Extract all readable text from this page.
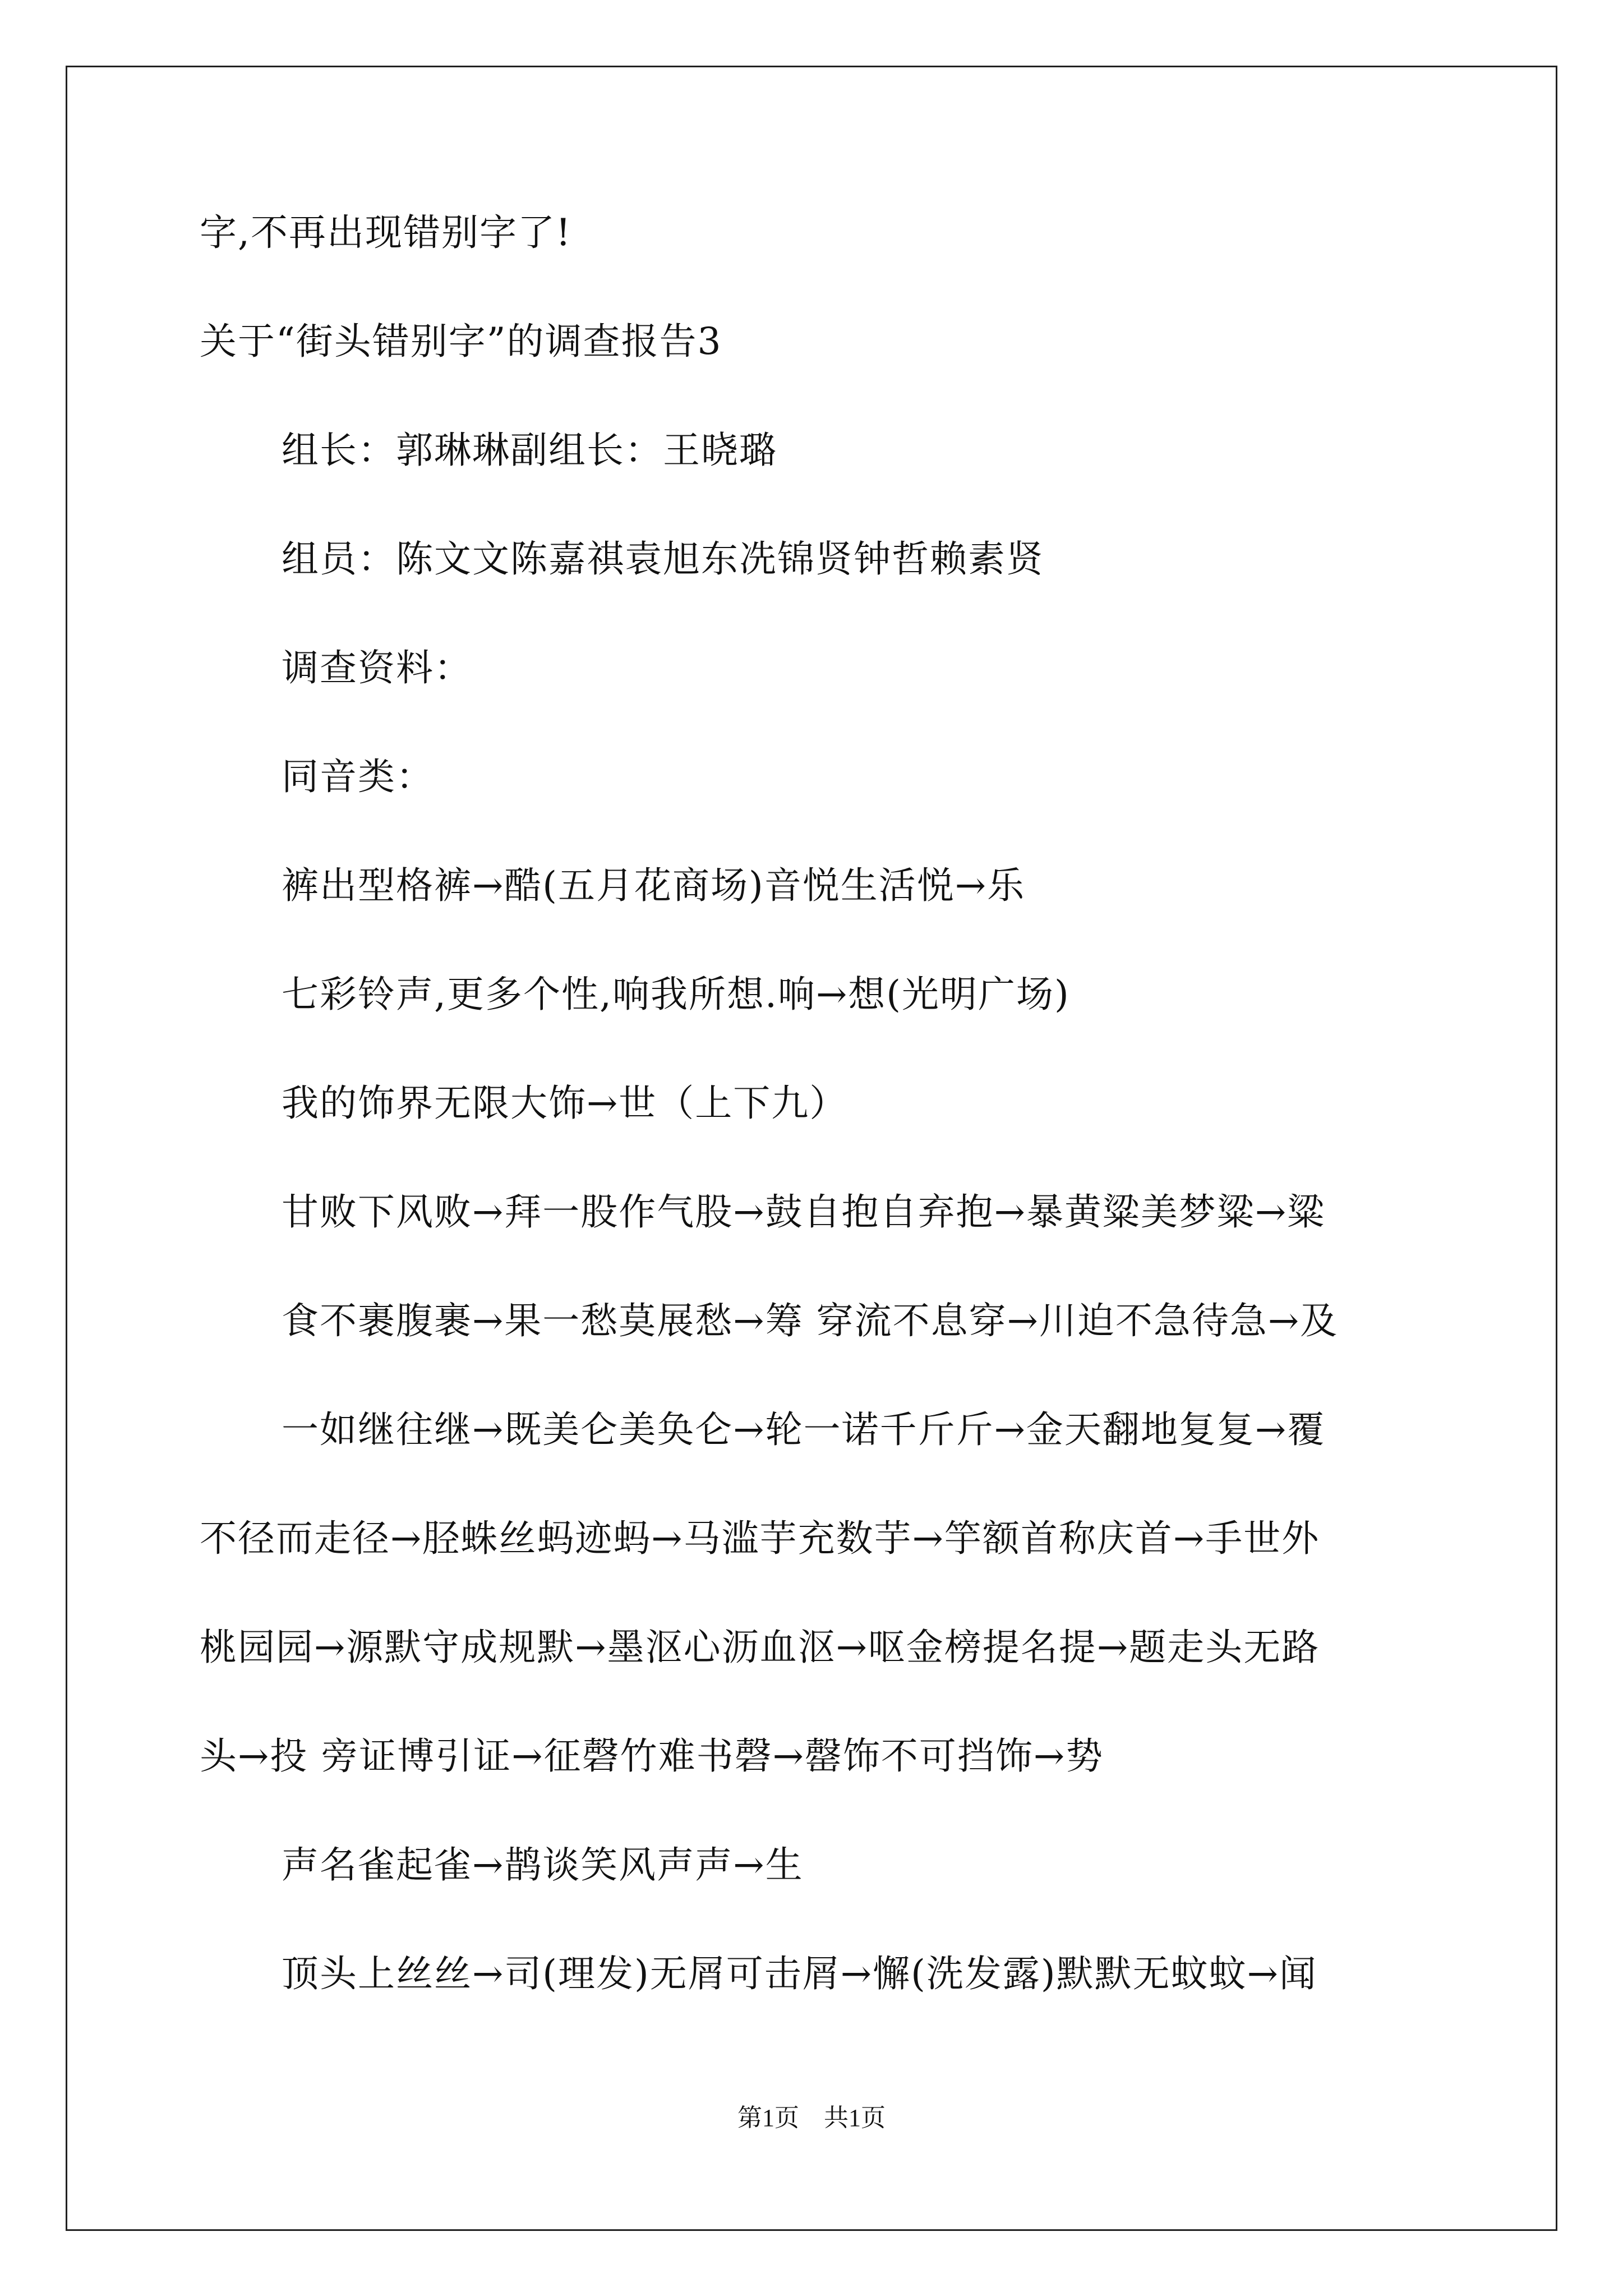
字,不再出现错别字了!

关于“街头错别字”的调查报告3

组长：郭琳琳副组长：王晓璐

组员：陈文文陈嘉祺袁旭东冼锦贤钟哲赖素贤

调查资料：

同音类：

裤出型格裤→酷(五月花商场)音悦生活悦→乐

七彩铃声,更多个性,响我所想.响→想(光明广场)

我的饰界无限大饰→世（上下九）

甘败下风败→拜一股作气股→鼓自抱自弃抱→暴黄粱美梦粱→粱

食不裹腹裹→果一愁莫展愁→筹 穿流不息穿→川迫不急待急→及

一如继往继→既美仑美奂仑→轮一诺千斤斤→金天翻地复复→覆

不径而走径→胫蛛丝蚂迹蚂→马滥芋充数芋→竽额首称庆首→手世外

桃园园→源默守成规默→墨沤心沥血沤→呕金榜提名提→题走头无路

头→投 旁证博引证→征磬竹难书磬→罄饰不可挡饰→势

声名雀起雀→鹊谈笑风声声→生

顶头上丝丝→司(理发)无屑可击屑→懈(洗发露)默默无蚊蚊→闻

第1页 共1页
